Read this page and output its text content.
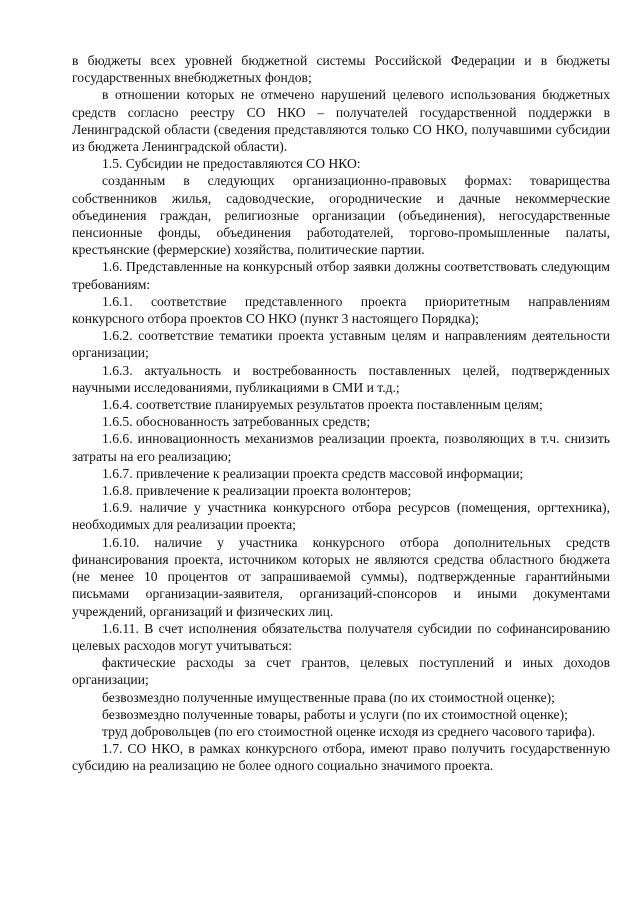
в бюджеты всех уровней бюджетной системы Российской Федерации и в бюджеты государственных внебюджетных фондов;

в отношении которых не отмечено нарушений целевого использования бюджетных средств согласно реестру СО НКО – получателей государственной поддержки в Ленинградской области (сведения представляются только СО НКО, получавшими субсидии из бюджета Ленинградской области).

1.5. Субсидии не предоставляются СО НКО:

созданным в следующих организационно-правовых формах: товарищества собственников жилья, садоводческие, огороднические и дачные некоммерческие объединения граждан, религиозные организации (объединения), негосударственные пенсионные фонды, объединения работодателей, торгово-промышленные палаты, крестьянские (фермерские) хозяйства, политические партии.

1.6. Представленные на конкурсный отбор заявки должны соответствовать следующим требованиям:

1.6.1. соответствие представленного проекта приоритетным направлениям конкурсного отбора проектов СО НКО (пункт 3 настоящего Порядка);

1.6.2. соответствие тематики проекта уставным целям и направлениям деятельности организации;

1.6.3. актуальность и востребованность поставленных целей, подтвержденных научными исследованиями, публикациями в СМИ и т.д.;

1.6.4. соответствие планируемых результатов проекта поставленным целям;

1.6.5. обоснованность затребованных средств;

1.6.6. инновационность механизмов реализации проекта, позволяющих в т.ч. снизить затраты на его реализацию;

1.6.7. привлечение к реализации проекта средств массовой информации;

1.6.8. привлечение к реализации проекта волонтеров;

1.6.9. наличие у участника конкурсного отбора ресурсов (помещения, оргтехника), необходимых для реализации проекта;

1.6.10. наличие у участника конкурсного отбора дополнительных средств финансирования проекта, источником которых не являются средства областного бюджета (не менее 10 процентов от запрашиваемой суммы), подтвержденные гарантийными письмами организации-заявителя, организаций-спонсоров и иными документами учреждений, организаций и физических лиц.

1.6.11. В счет исполнения обязательства получателя субсидии по софинансированию целевых расходов могут учитываться:

фактические расходы за счет грантов, целевых поступлений и иных доходов организации;

безвозмездно полученные имущественные права (по их стоимостной оценке);

безвозмездно полученные товары, работы и услуги (по их стоимостной оценке);

труд добровольцев (по его стоимостной оценке исходя из среднего часового тарифа).

1.7. СО НКО, в рамках конкурсного отбора, имеют право получить государственную субсидию на реализацию не более одного социально значимого проекта.
